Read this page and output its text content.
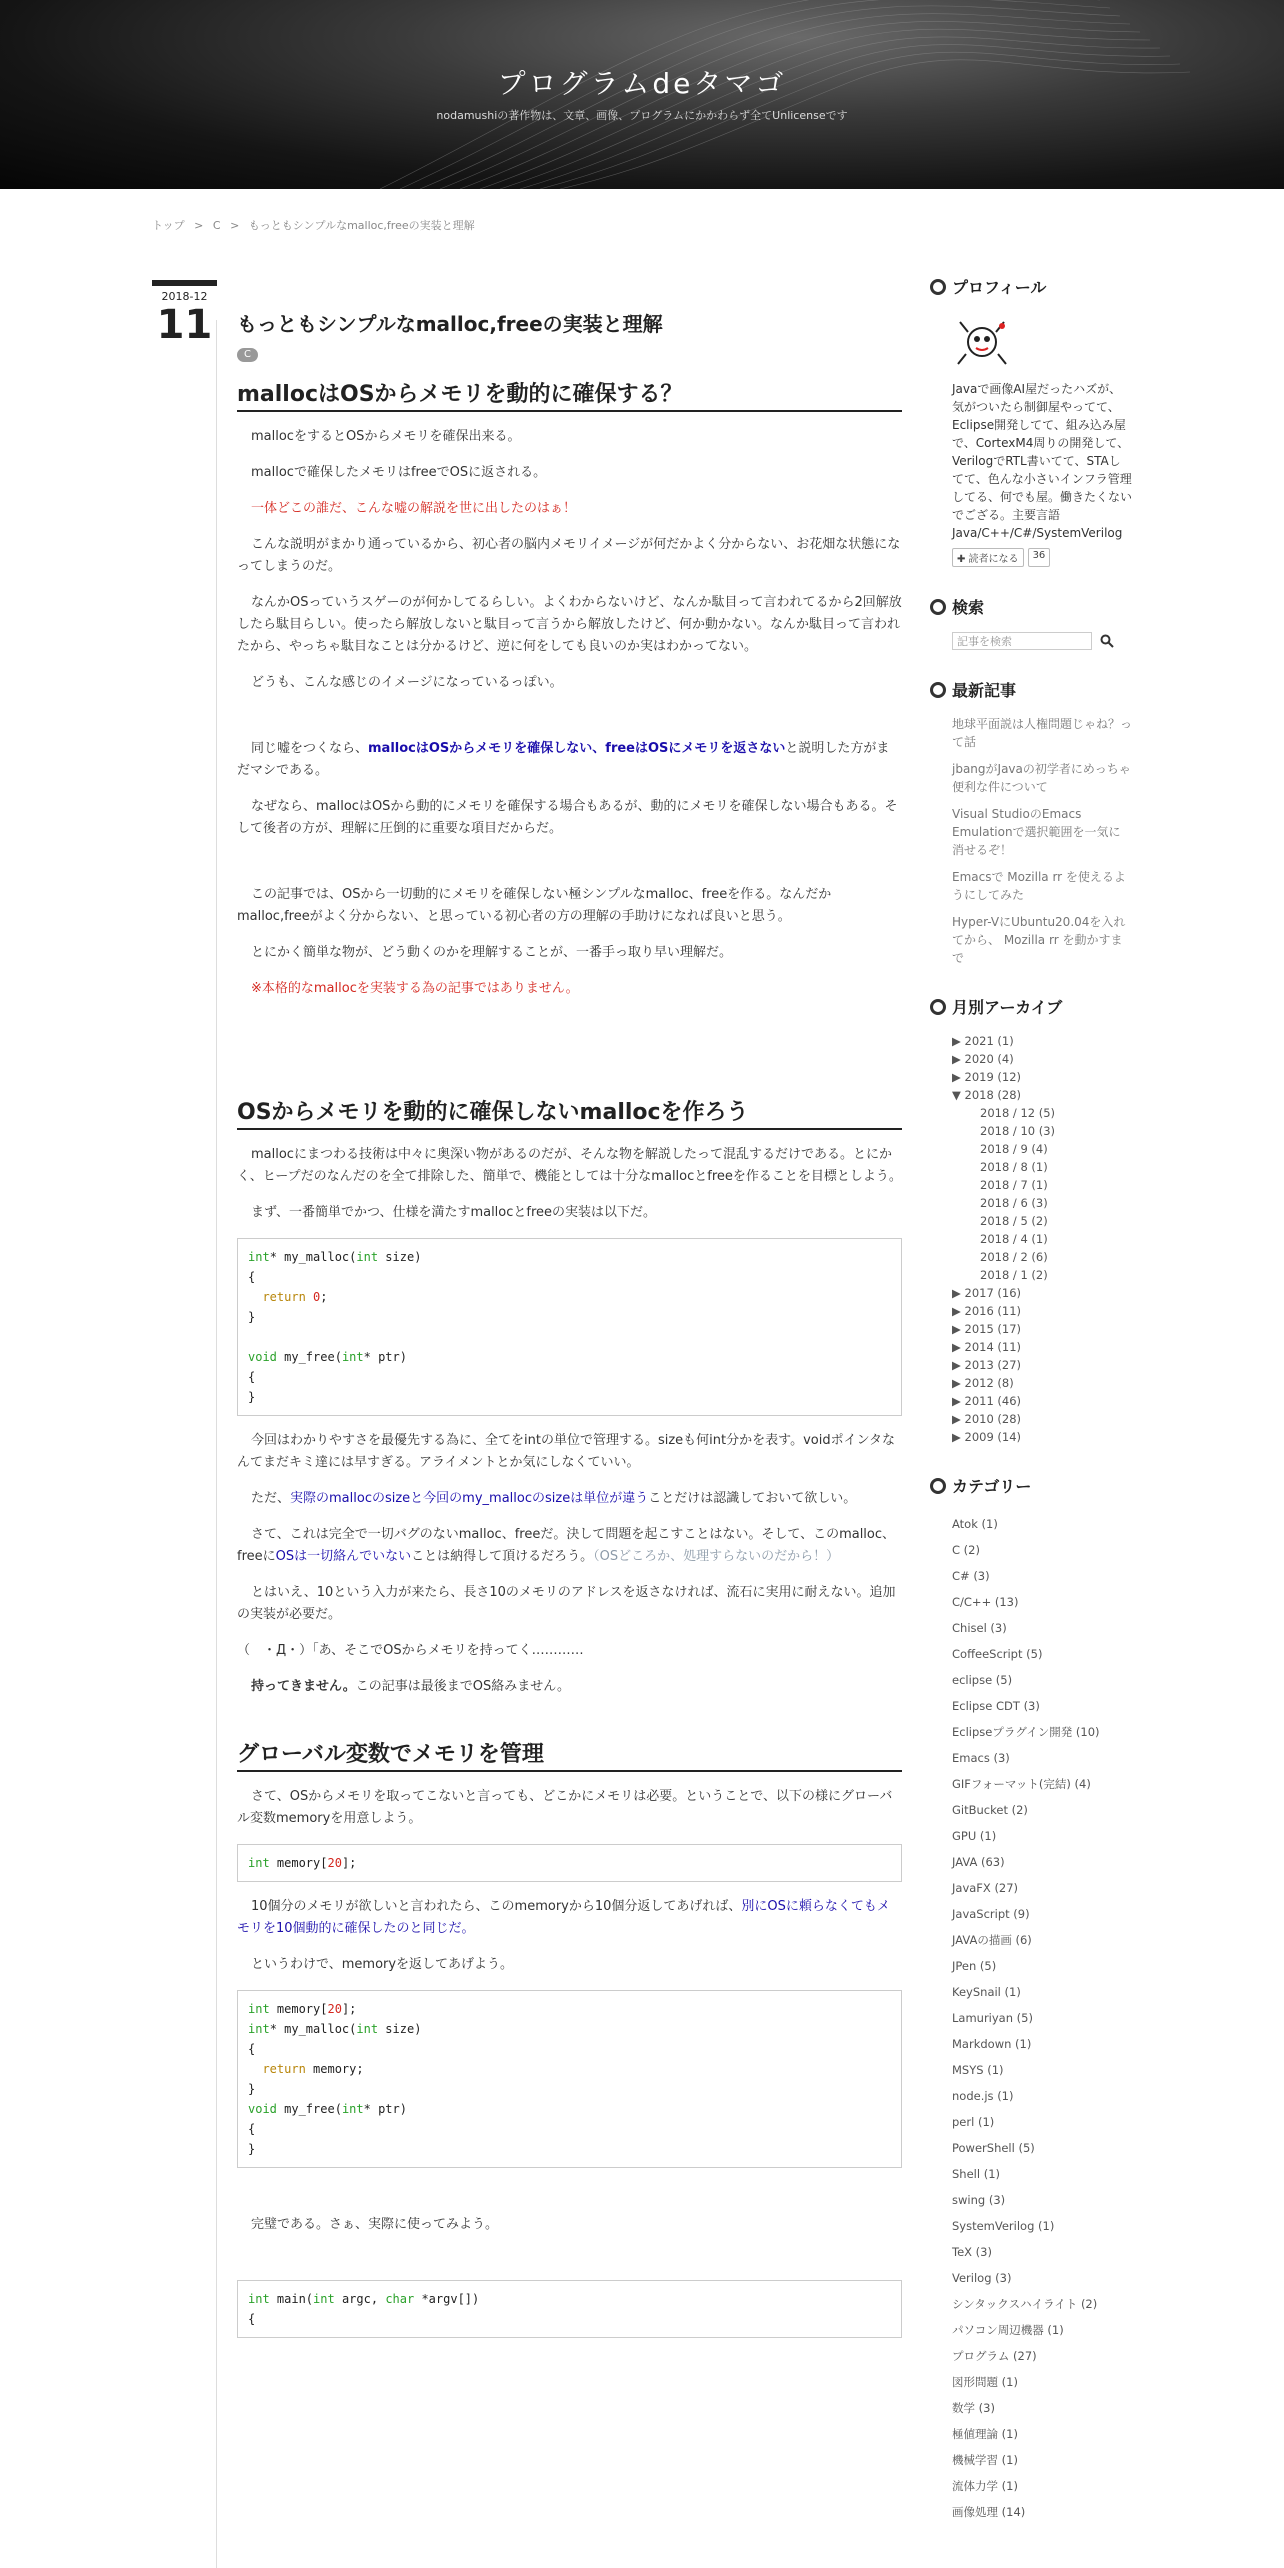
プログラムdeタマゴ
nodamushiの著作物は、文章、画像、プログラムにかかわらず全てUnlicenseです
トップ > C > もっともシンプルなmalloc,freeの実装と理解
2018-12
11 もっともシンプルなmalloc,freeの実装と理解
C
mallocはOSからメモリを動的に確保する？

mallocをするとOSからメモリを確保出来る。

mallocで確保したメモリはfreeでOSに返される。

一体どこの誰だ、こんな嘘の解説を世に出したのはぁ！

こんな説明がまかり通っているから、初心者の脳内メモリイメージが何だかよく分からない、お花畑な状態になってしまうのだ。

なんかOSっていうスゲーのが何かしてるらしい。よくわからないけど、なんか駄目って言われてるから2回解放したら駄目らしい。使ったら解放しないと駄目って言うから解放したけど、何か動かない。なんか駄目って言われたから、やっちゃ駄目なことは分かるけど、逆に何をしても良いのか実はわかってない。

どうも、こんな感じのイメージになっているっぽい。

同じ嘘をつくなら、mallocはOSからメモリを確保しない、freeはOSにメモリを返さないと説明した方がまだマシである。

なぜなら、mallocはOSから動的にメモリを確保する場合もあるが、動的にメモリを確保しない場合もある。そして後者の方が、理解に圧倒的に重要な項目だからだ。

この記事では、OSから一切動的にメモリを確保しない極シンプルなmalloc、freeを作る。なんだかmalloc,freeがよく分からない、と思っている初心者の方の理解の手助けになれば良いと思う。

とにかく簡単な物が、どう動くのかを理解することが、一番手っ取り早い理解だ。

※本格的なmallocを実装する為の記事ではありません。

OSからメモリを動的に確保しないmallocを作ろう

mallocにまつわる技術は中々に奥深い物があるのだが、そんな物を解説したって混乱するだけである。とにかく、ヒープだのなんだのを全て排除した、簡単で、機能としては十分なmallocとfreeを作ることを目標としよう。

まず、一番簡単でかつ、仕様を満たすmallocとfreeの実装は以下だ。

int* my_malloc(int size)
{
return 0;
}

void my_free(int* ptr)
{
}

今回はわかりやすさを最優先する為に、全てをintの単位で管理する。sizeも何int分かを表す。voidポインタなんてまだキミ達には早すぎる。アライメントとか気にしなくていい。

ただ、実際のmallocのsizeと今回のmy_mallocのsizeは単位が違うことだけは認識しておいて欲しい。

さて、これは完全で一切バグのないmalloc、freeだ。決して問題を起こすことはない。そして、このmalloc、freeにOSは一切絡んでいないことは納得して頂けるだろう。（OSどころか、処理すらないのだから！）

とはいえ、10という入力が来たら、長さ10のメモリのアドレスを返さなければ、流石に実用に耐えない。追加の実装が必要だ。

（　・Д・）「あ、そこでOSからメモリを持ってく…………

持ってきません。この記事は最後までOS絡みません。

グローバル変数でメモリを管理

さて、OSからメモリを取ってこないと言っても、どこかにメモリは必要。ということで、以下の様にグローバル変数memoryを用意しよう。

int memory[20];

10個分のメモリが欲しいと言われたら、このmemoryから10個分返してあげれば、別にOSに頼らなくてもメモリを10個動的に確保したのと同じだ。

というわけで、memoryを返してあげよう。

int memory[20];
int* my_malloc(int size)
{
return memory;
}
void my_free(int* ptr)
{
}

完璧である。さぁ、実際に使ってみよう。

int main(int argc, char *argv[])
{
プロフィール
Javaで画像AI屋だったハズが、気がついたら制御屋やってて、Eclipse開発してて、組み込み屋で、CortexM4周りの開発して、VerilogでRTL書いてて、STAしてて、色んな小さいインフラ管理してる、何でも屋。働きたくないでござる。主要言語 Java/C++/C#/SystemVerilog
✚ 読者になる	36
検索
記事を検索
最新記事
地球平面説は人権問題じゃね？って話
jbangがJavaの初学者にめっちゃ便利な件について
Visual StudioのEmacs Emulationで選択範囲を一気に消せるぞ！
Emacsで Mozilla rr を使えるようにしてみた
Hyper-VにUbuntu20.04を入れてから、 Mozilla rr を動かすまで
月別アーカイブ
▶ 2021 (1)
▶ 2020 (4)
▶ 2019 (12)
▼ 2018 (28)
2018 / 12 (5)
2018 / 10 (3)
2018 / 9 (4)
2018 / 8 (1)
2018 / 7 (1)
2018 / 6 (3)
2018 / 5 (2)
2018 / 4 (1)
2018 / 2 (6)
2018 / 1 (2)
▶ 2017 (16)
▶ 2016 (11)
▶ 2015 (17)
▶ 2014 (11)
▶ 2013 (27)
▶ 2012 (8)
▶ 2011 (46)
▶ 2010 (28)
▶ 2009 (14)
カテゴリー
Atok (1)
C (2)
C# (3)
C/C++ (13)
Chisel (3)
CoffeeScript (5)
eclipse (5)
Eclipse CDT (3)
Eclipseプラグイン開発 (10)
Emacs (3)
GIFフォーマット(完結) (4)
GitBucket (2)
GPU (1)
JAVA (63)
JavaFX (27)
JavaScript (9)
JAVAの描画 (6)
JPen (5)
KeySnail (1)
Lamuriyan (5)
Markdown (1)
MSYS (1)
node.js (1)
perl (1)
PowerShell (5)
Shell (1)
swing (3)
SystemVerilog (1)
TeX (3)
Verilog (3)
シンタックスハイライト (2)
パソコン周辺機器 (1)
プログラム (27)
図形問題 (1)
数学 (3)
極値理論 (1)
機械学習 (1)
流体力学 (1)
画像処理 (14)
